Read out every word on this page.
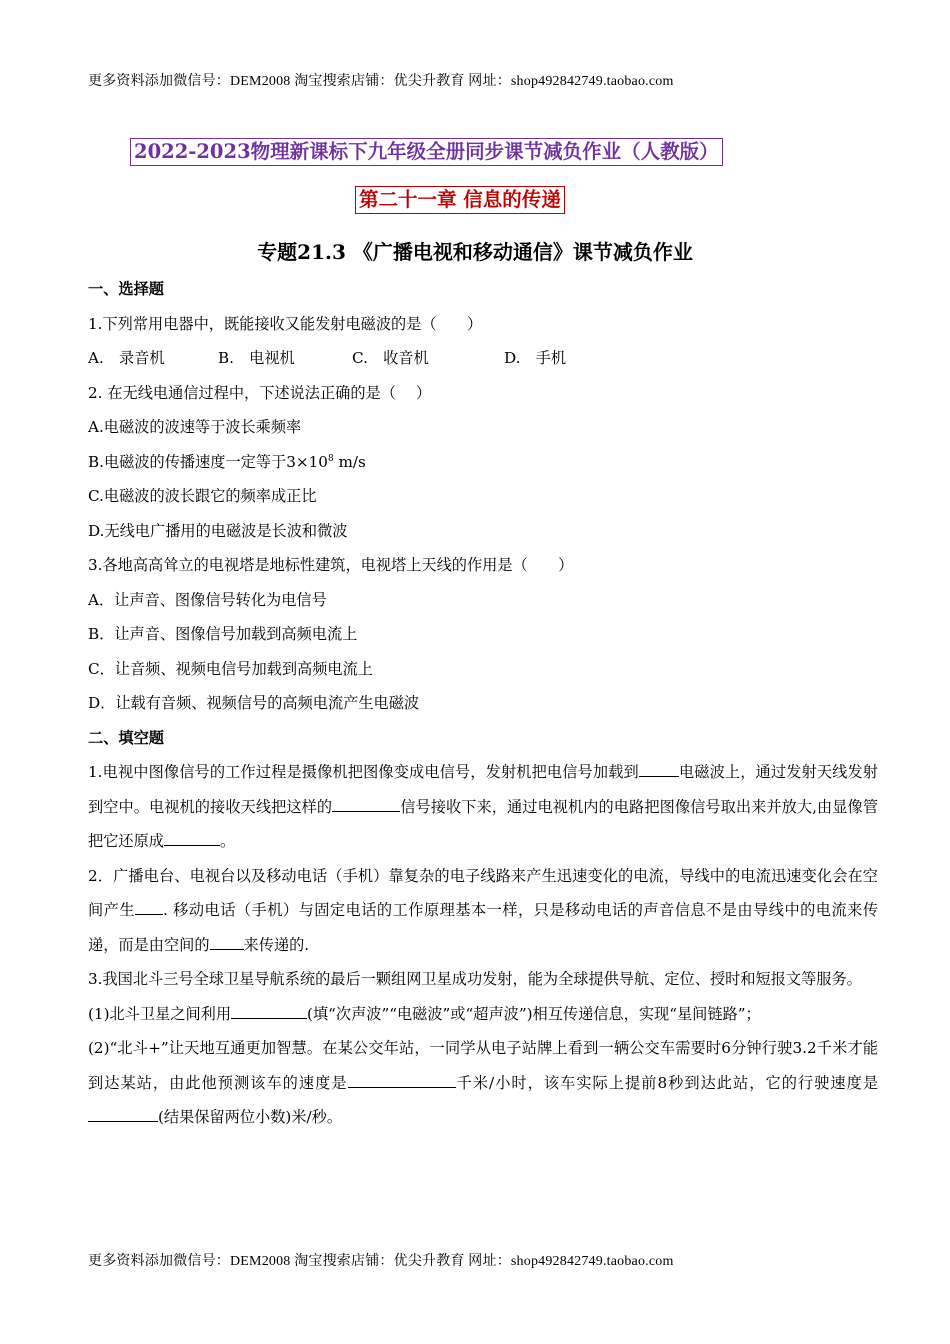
更多资料添加微信号：DEM2008 淘宝搜索店铺：优尖升教育 网址：shop492842749.taobao.com
2022-2023物理新课标下九年级全册同步课节减负作业（人教版）
第二十一章 信息的传递
专题21.3 《广播电视和移动通信》课节减负作业

一、选择题

1.下列常用电器中，既能接收又能发射电磁波的是（　　）

A.　录音机	B.　电视机	C.　收音机	D.　手机

2. 在无线电通信过程中，下述说法正确的是（　 ）

A.电磁波的波速等于波长乘频率

B.电磁波的传播速度一定等于$3\times 10^8$ m/s

C.电磁波的波长跟它的频率成正比

D.无线电广播用的电磁波是长波和微波

3.各地高高耸立的电视塔是地标性建筑，电视塔上天线的作用是（　　）

A．让声音、图像信号转化为电信号

B．让声音、图像信号加载到高频电流上

C．让音频、视频电信号加载到高频电流上

D．让载有音频、视频信号的高频电流产生电磁波

二、填空题

1.电视中图像信号的工作过程是摄像机把图像变成电信号，发射机把电信号加载到	电磁波上，通过发射天线发射到空中。电视机的接收天线把这样的	信号接收下来，通过电视机内的电路把图像信号取出来并放大,由显像管把它还原成	。

2．广播电台、电视台以及移动电话（手机）靠复杂的电子线路来产生迅速变化的电流，导线中的电流迅速变化会在空间产生 . 移动电话（手机）与固定电话的工作原理基本一样，只是移动电话的声音信息不是由导线中的电流来传递，而是由空间的 来传递的.

3.我国北斗三号全球卫星导航系统的最后一颗组网卫星成功发射，能为全球提供导航、定位、授时和短报文等服务。

(1)北斗卫星之间利用	(填“次声波”“电磁波”或“超声波”)相互传递信息，实现“星间链路”；

(2)“北斗+”让天地互通更加智慧。在某公交年站，一同学从电子站牌上看到一辆公交车需要时6分钟行驶3.2千米才能到达某站，由此他预测该车的速度是	千米/小时，该车实际上提前8秒到达此站，它的行驶速度是(结果保留两位小数)米/秒。

更多资料添加微信号：DEM2008 淘宝搜索店铺：优尖升教育 网址：shop492842749.taobao.com
